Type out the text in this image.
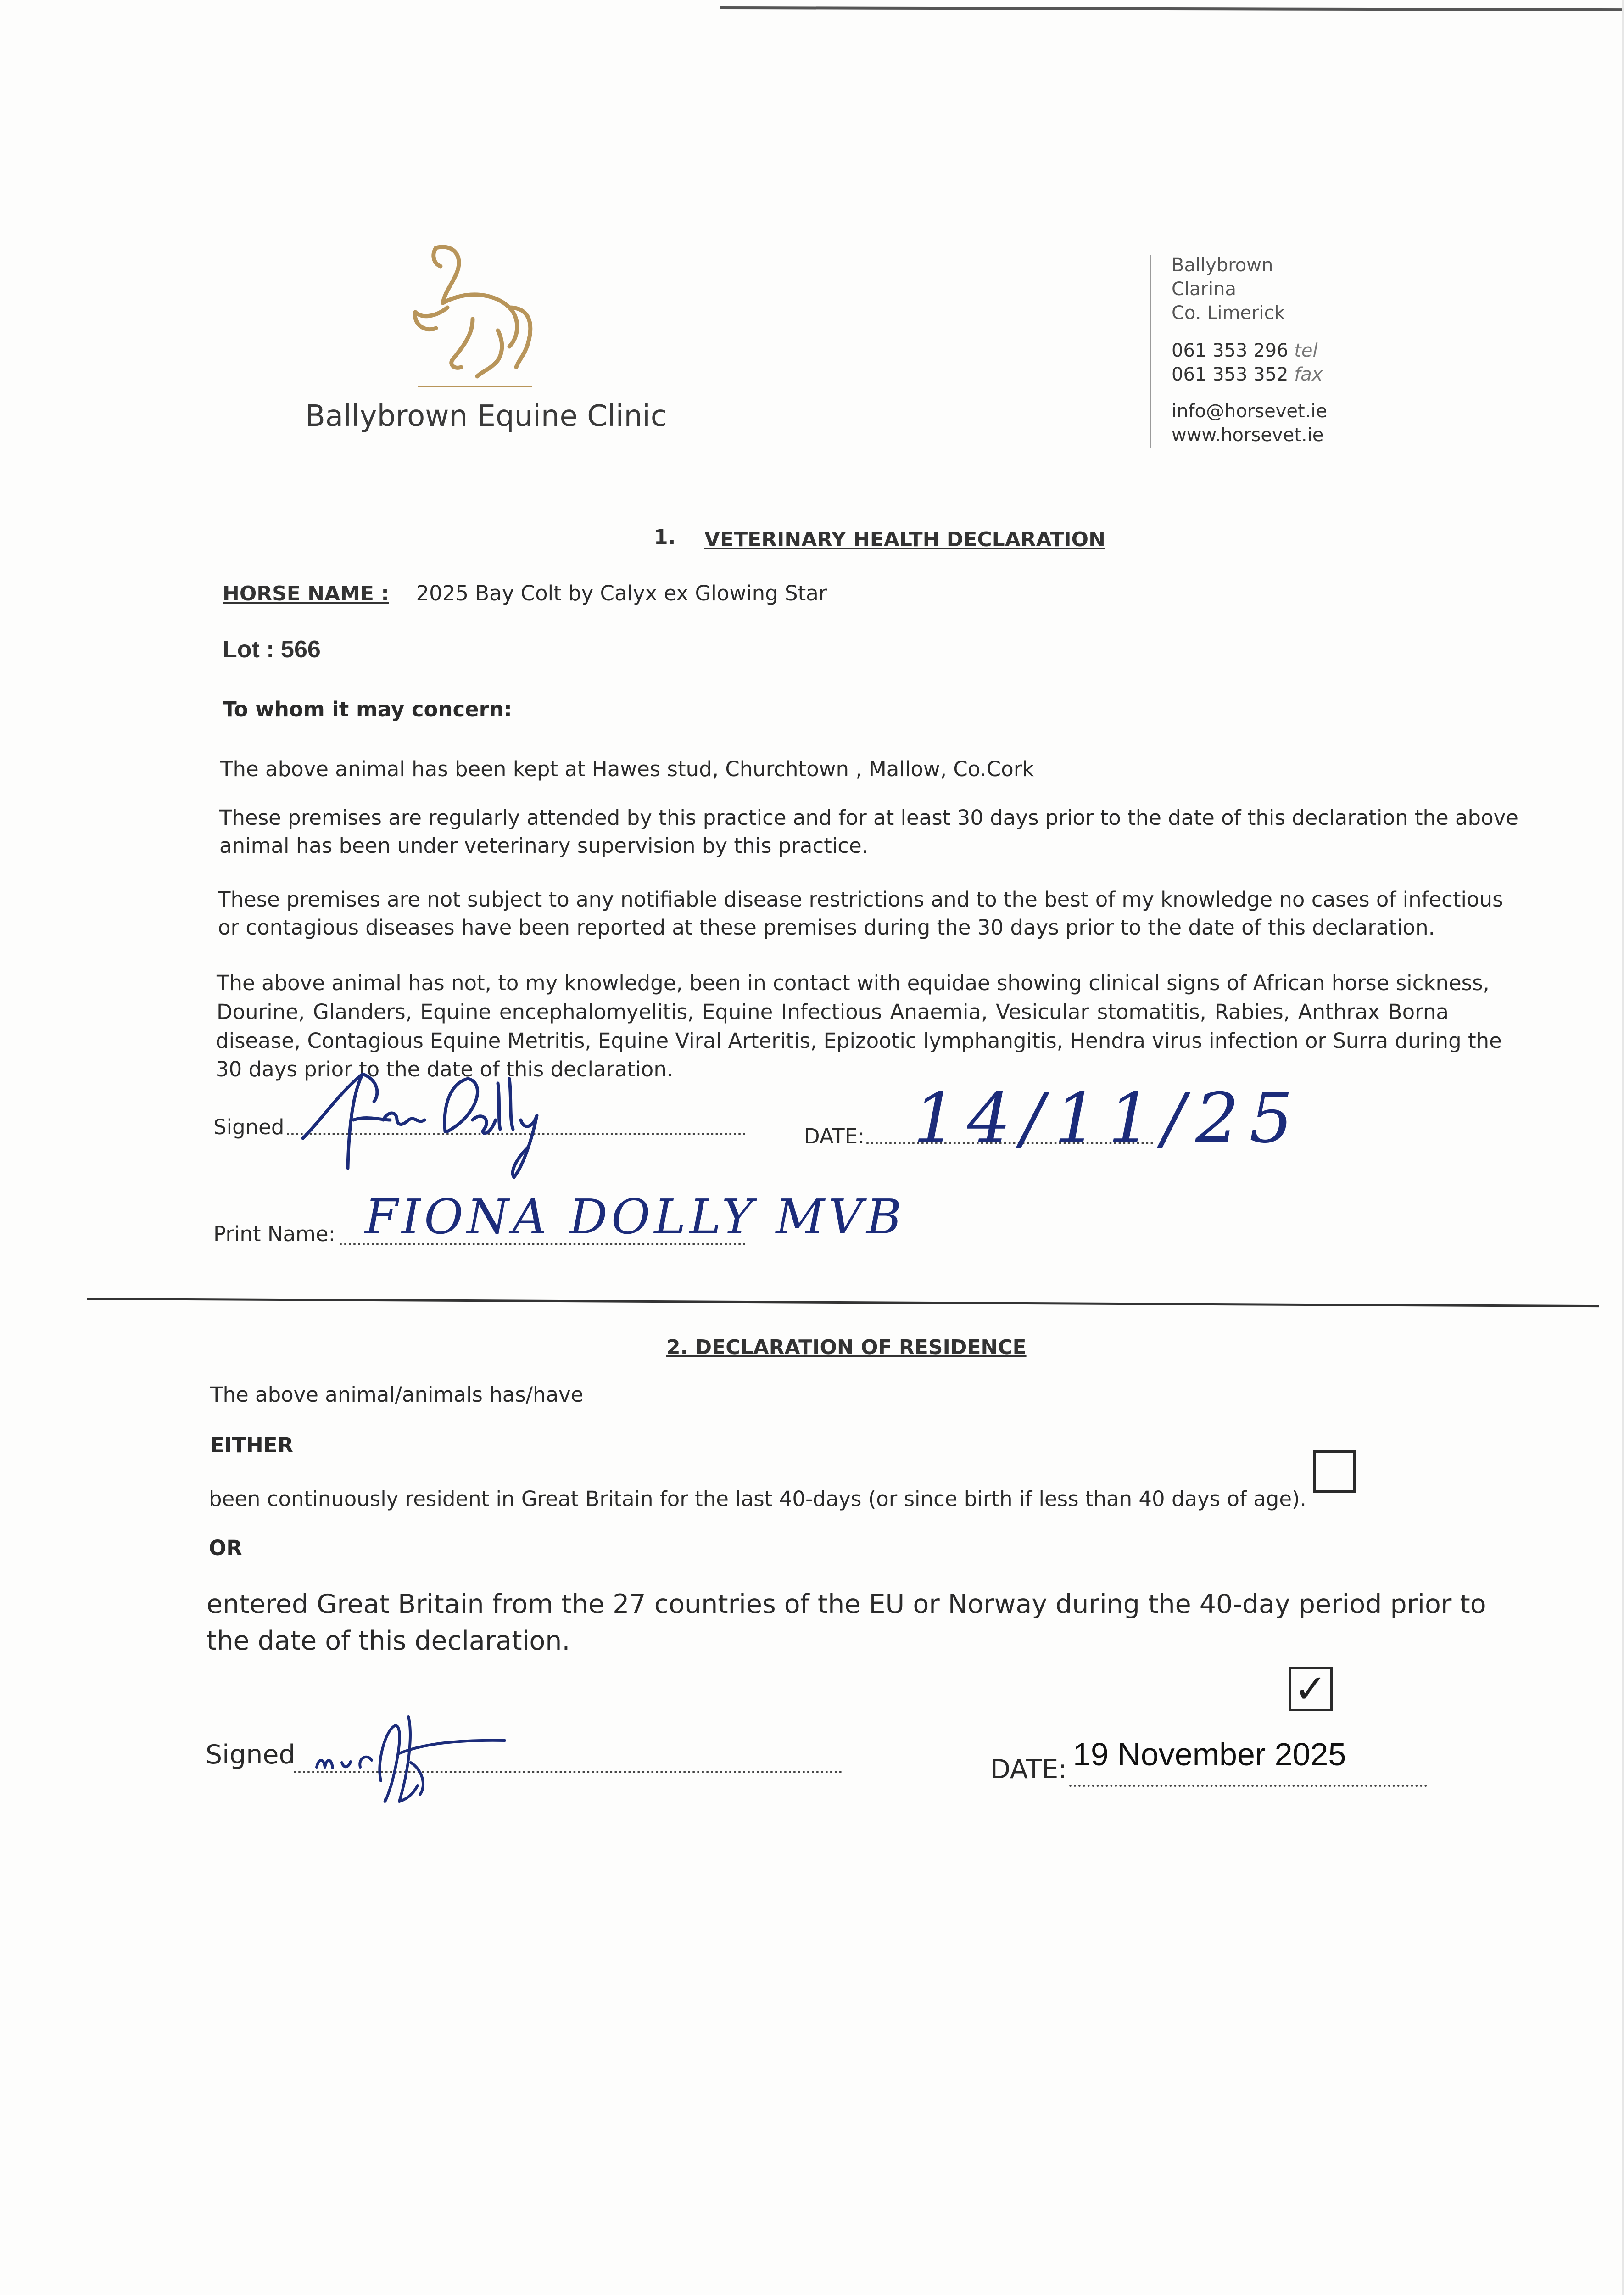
Ballybrown Equine Clinic
Ballybrown
Clarina
Co. Limerick
061 353 296 tel
061 353 352 fax
info@horsevet.ie
www.horsevet.ie
1. VETERINARY HEALTH DECLARATION
HORSE NAME : 2025 Bay Colt by Calyx ex Glowing Star
Lot : 566
To whom it may concern:
The above animal has been kept at Hawes stud, Churchtown , Mallow, Co.Cork
These premises are regularly attended by this practice and for at least 30 days prior to the date of this declaration the above
animal has been under veterinary supervision by this practice.
These premises are not subject to any notifiable disease restrictions and to the best of my knowledge no cases of infectious
or contagious diseases have been reported at these premises during the 30 days prior to the date of this declaration.
The above animal has not, to my knowledge, been in contact with equidae showing clinical signs of African horse sickness,
Dourine, Glanders, Equine encephalomyelitis, Equine Infectious Anaemia, Vesicular stomatitis, Rabies, Anthrax Borna
disease, Contagious Equine Metritis, Equine Viral Arteritis, Epizootic lymphangitis, Hendra virus infection or Surra during the
30 days prior to the date of this declaration.
Signed	DATE: 14/11/25
Print Name: FIONA DOLLY MVB
2. DECLARATION OF RESIDENCE
The above animal/animals has/have
EITHER
been continuously resident in Great Britain for the last 40-days (or since birth if less than 40 days of age).
OR
entered Great Britain from the 27 countries of the EU or Norway during the 40-day period prior to
the date of this declaration.
✓
Signed	DATE: 19 November 2025
